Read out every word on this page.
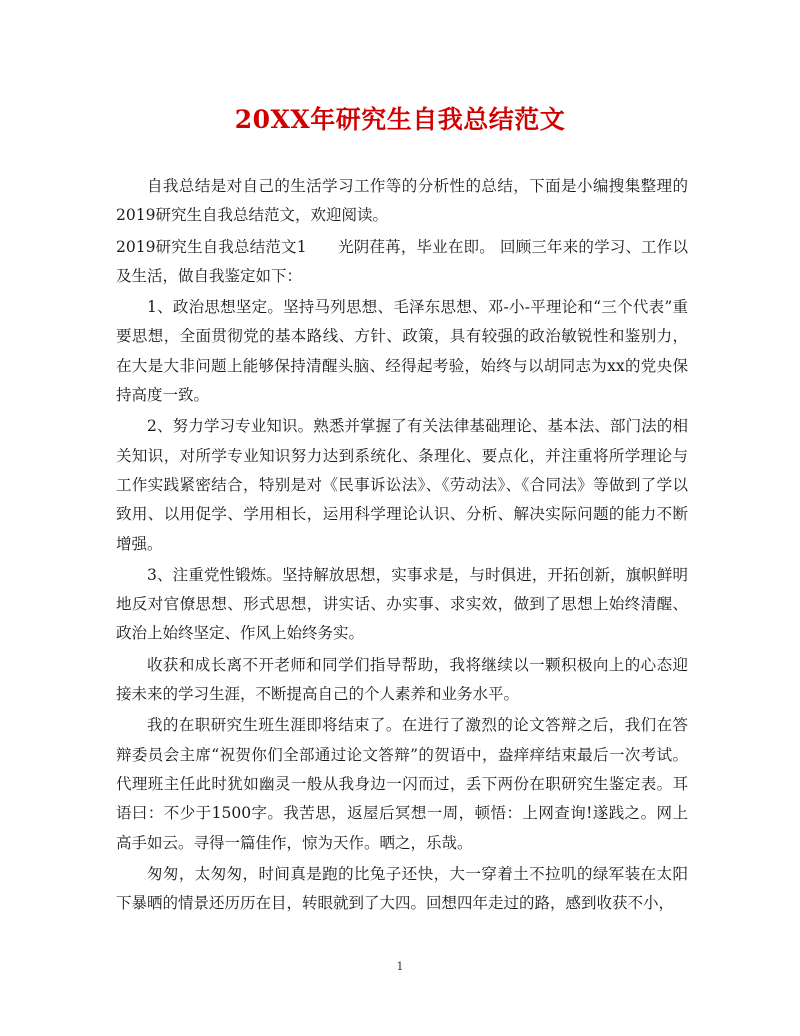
20XX年研究生自我总结范文

自我总结是对自己的生活学习工作等的分析性的总结，下面是小编搜集整理的2019研究生自我总结范文，欢迎阅读。

2019研究生自我总结范文1　　光阴荏苒，毕业在即。 回顾三年来的学习、工作以及生活，做自我鉴定如下：

1、政治思想坚定。坚持马列思想、毛泽东思想、邓-小-平理论和“三个代表”重要思想，全面贯彻党的基本路线、方针、政策，具有较强的政治敏锐性和鉴别力，在大是大非问题上能够保持清醒头脑、经得起考验，始终与以胡同志为xx的党央保持高度一致。

2、努力学习专业知识。熟悉并掌握了有关法律基础理论、基本法、部门法的相关知识，对所学专业知识努力达到系统化、条理化、要点化，并注重将所学理论与工作实践紧密结合，特别是对《民事诉讼法》、《劳动法》、《合同法》等做到了学以致用、以用促学、学用相长，运用科学理论认识、分析、解决实际问题的能力不断增强。

3、注重党性锻炼。坚持解放思想，实事求是，与时俱进，开拓创新，旗帜鲜明地反对官僚思想、形式思想，讲实话、办实事、求实效，做到了思想上始终清醒、政治上始终坚定、作风上始终务实。

收获和成长离不开老师和同学们指导帮助，我将继续以一颗积极向上的心态迎接未来的学习生涯，不断提高自己的个人素养和业务水平。

我的在职研究生班生涯即将结束了。在进行了激烈的论文答辩之后，我们在答辩委员会主席“祝贺你们全部通过论文答辩”的贺语中，盎痒痒结束最后一次考试。代理班主任此时犹如幽灵一般从我身边一闪而过，丢下两份在职研究生鉴定表。耳语曰：不少于1500字。我苦思，返屋后冥想一周，顿悟：上网查询!遂践之。网上高手如云。寻得一篇佳作，惊为天作。晒之，乐哉。

匆匆，太匆匆，时间真是跑的比兔子还快，大一穿着土不拉叽的绿军装在太阳下暴晒的情景还历历在目，转眼就到了大四。回想四年走过的路，感到收获不小，

1
